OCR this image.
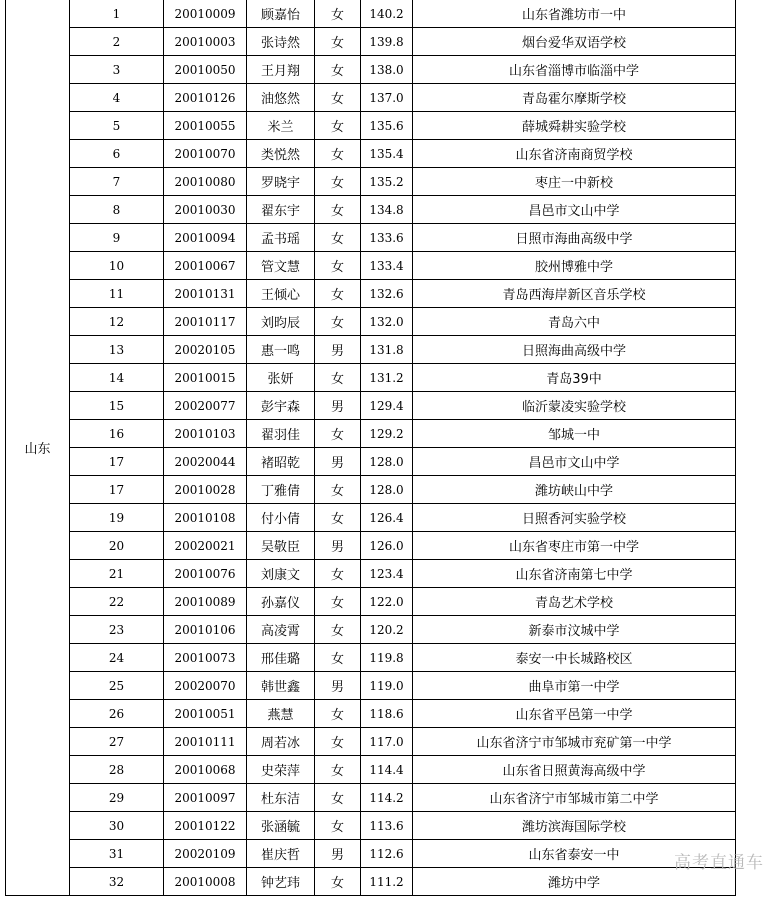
山东	1	20010009	顾嘉怡	女	140.2	山东省潍坊市一中
	2	20010003	张诗然	女	139.8	烟台爱华双语学校
	3	20010050	王月翔	女	138.0	山东省淄博市临淄中学
	4	20010126	油悠然	女	137.0	青岛霍尔摩斯学校
	5	20010055	米兰	女	135.6	薛城舜耕实验学校
	6	20010070	类悦然	女	135.4	山东省济南商贸学校
	7	20010080	罗晓宇	女	135.2	枣庄一中新校
	8	20010030	翟东宇	女	134.8	昌邑市文山中学
	9	20010094	孟书瑶	女	133.6	日照市海曲高级中学
	10	20010067	管文慧	女	133.4	胶州博雅中学
	11	20010131	王倾心	女	132.6	青岛西海岸新区音乐学校
	12	20010117	刘昀辰	女	132.0	青岛六中
	13	20020105	惠一鸣	男	131.8	日照海曲高级中学
	14	20010015	张妍	女	131.2	青岛39中
	15	20020077	彭宇森	男	129.4	临沂蒙凌实验学校
	16	20010103	翟羽佳	女	129.2	邹城一中
	17	20020044	褚昭乾	男	128.0	昌邑市文山中学
	17	20010028	丁雅倩	女	128.0	潍坊峡山中学
	19	20010108	付小倩	女	126.4	日照香河实验学校
	20	20020021	吴敬臣	男	126.0	山东省枣庄市第一中学
	21	20010076	刘康文	女	123.4	山东省济南第七中学
	22	20010089	孙嘉仪	女	122.0	青岛艺术学校
	23	20010106	高凌霄	女	120.2	新泰市汶城中学
	24	20010073	邢佳璐	女	119.8	泰安一中长城路校区
	25	20020070	韩世鑫	男	119.0	曲阜市第一中学
	26	20010051	燕慧	女	118.6	山东省平邑第一中学
	27	20010111	周若冰	女	117.0	山东省济宁市邹城市兖矿第一中学
	28	20010068	史荣萍	女	114.4	山东省日照黄海高级中学
	29	20010097	杜东洁	女	114.2	山东省济宁市邹城市第二中学
	30	20010122	张涵毓	女	113.6	潍坊滨海国际学校
	31	20020109	崔庆哲	男	112.6	山东省泰安一中
	32	20010008	钟艺玮	女	111.2	潍坊中学
高考直通车
